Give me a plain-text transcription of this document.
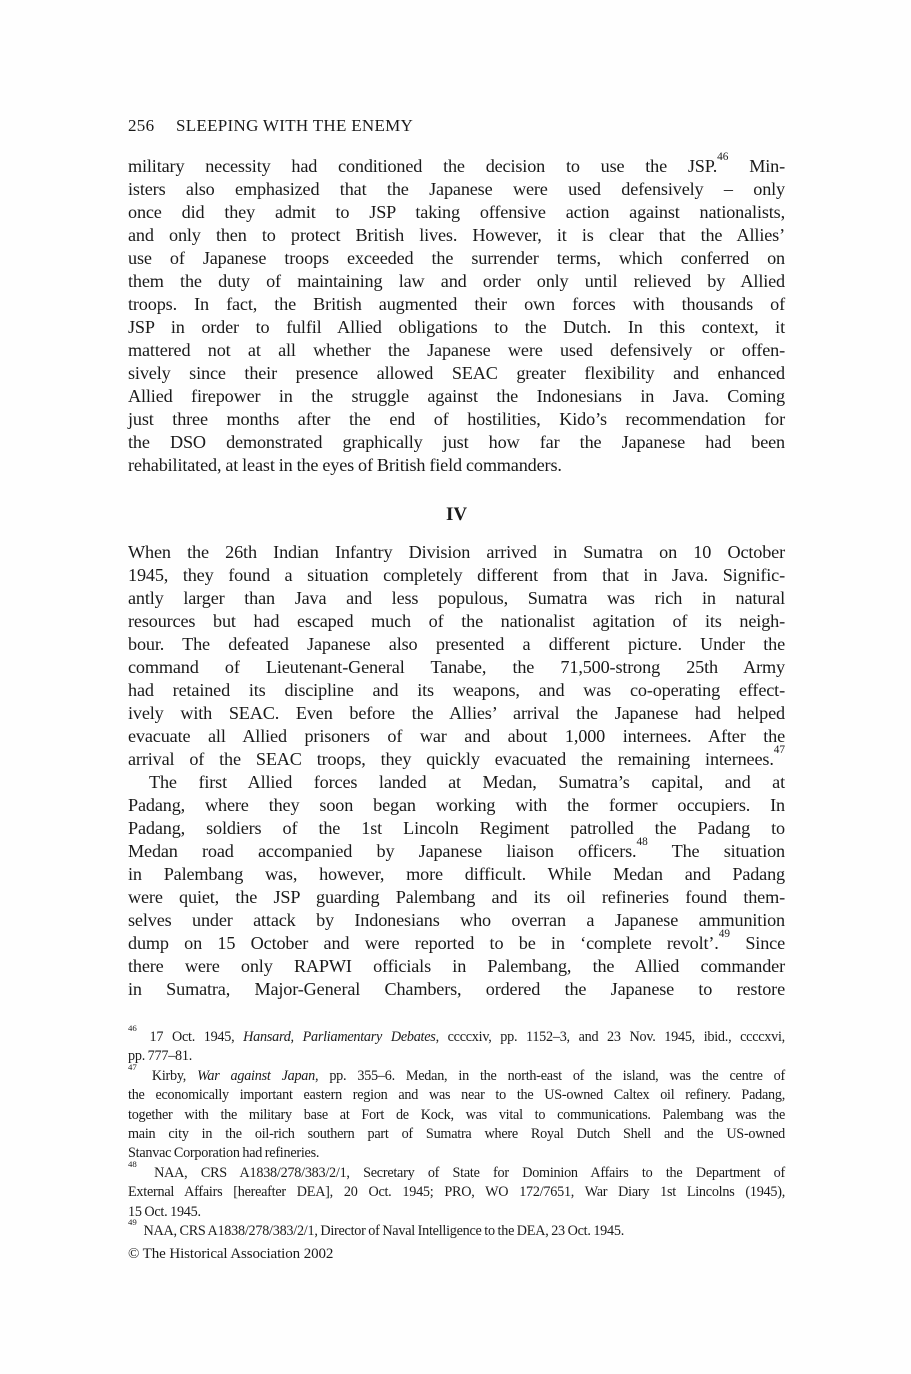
256 SLEEPING WITH THE ENEMY
military necessity had conditioned the decision to use the JSP.$^{46}$ Min-
isters also emphasized that the Japanese were used defensively – only
once did they admit to JSP taking offensive action against nationalists,
and only then to protect British lives. However, it is clear that the Allies’
use of Japanese troops exceeded the surrender terms, which conferred on
them the duty of maintaining law and order only until relieved by Allied
troops. In fact, the British augmented their own forces with thousands of
JSP in order to fulfil Allied obligations to the Dutch. In this context, it
mattered not at all whether the Japanese were used defensively or offen-
sively since their presence allowed SEAC greater flexibility and enhanced
Allied firepower in the struggle against the Indonesians in Java. Coming
just three months after the end of hostilities, Kido’s recommendation for
the DSO demonstrated graphically just how far the Japanese had been
rehabilitated, at least in the eyes of British field commanders.
IV
When the 26th Indian Infantry Division arrived in Sumatra on 10 October
1945, they found a situation completely different from that in Java. Signific-
antly larger than Java and less populous, Sumatra was rich in natural
resources but had escaped much of the nationalist agitation of its neigh-
bour. The defeated Japanese also presented a different picture. Under the
command of Lieutenant-General Tanabe, the 71,500-strong 25th Army
had retained its discipline and its weapons, and was co-operating effect-
ively with SEAC. Even before the Allies’ arrival the Japanese had helped
evacuate all Allied prisoners of war and about 1,000 internees. After the
arrival of the SEAC troops, they quickly evacuated the remaining internees.$^{47}$
The first Allied forces landed at Medan, Sumatra’s capital, and at
Padang, where they soon began working with the former occupiers. In
Padang, soldiers of the 1st Lincoln Regiment patrolled the Padang to
Medan road accompanied by Japanese liaison officers.$^{48}$ The situation
in Palembang was, however, more difficult. While Medan and Padang
were quiet, the JSP guarding Palembang and its oil refineries found them-
selves under attack by Indonesians who overran a Japanese ammunition
dump on 15 October and were reported to be in ‘complete revolt’.$^{49}$ Since
there were only RAPWI officials in Palembang, the Allied commander
in Sumatra, Major-General Chambers, ordered the Japanese to restore
$^{46}$ 17 Oct. 1945, Hansard, Parliamentary Debates, ccccxiv, pp. 1152–3, and 23 Nov. 1945, ibid., ccccxvi,
pp. 777–81.
$^{47}$ Kirby, War against Japan, pp. 355–6. Medan, in the north-east of the island, was the centre of
the economically important eastern region and was near to the US-owned Caltex oil refinery. Padang,
together with the military base at Fort de Kock, was vital to communications. Palembang was the
main city in the oil-rich southern part of Sumatra where Royal Dutch Shell and the US-owned
Stanvac Corporation had refineries.
$^{48}$ NAA, CRS A1838/278/383/2/1, Secretary of State for Dominion Affairs to the Department of
External Affairs [hereafter DEA], 20 Oct. 1945; PRO, WO 172/7651, War Diary 1st Lincolns (1945),
15 Oct. 1945.
$^{49}$ NAA, CRS A1838/278/383/2/1, Director of Naval Intelligence to the DEA, 23 Oct. 1945.
© The Historical Association 2002
